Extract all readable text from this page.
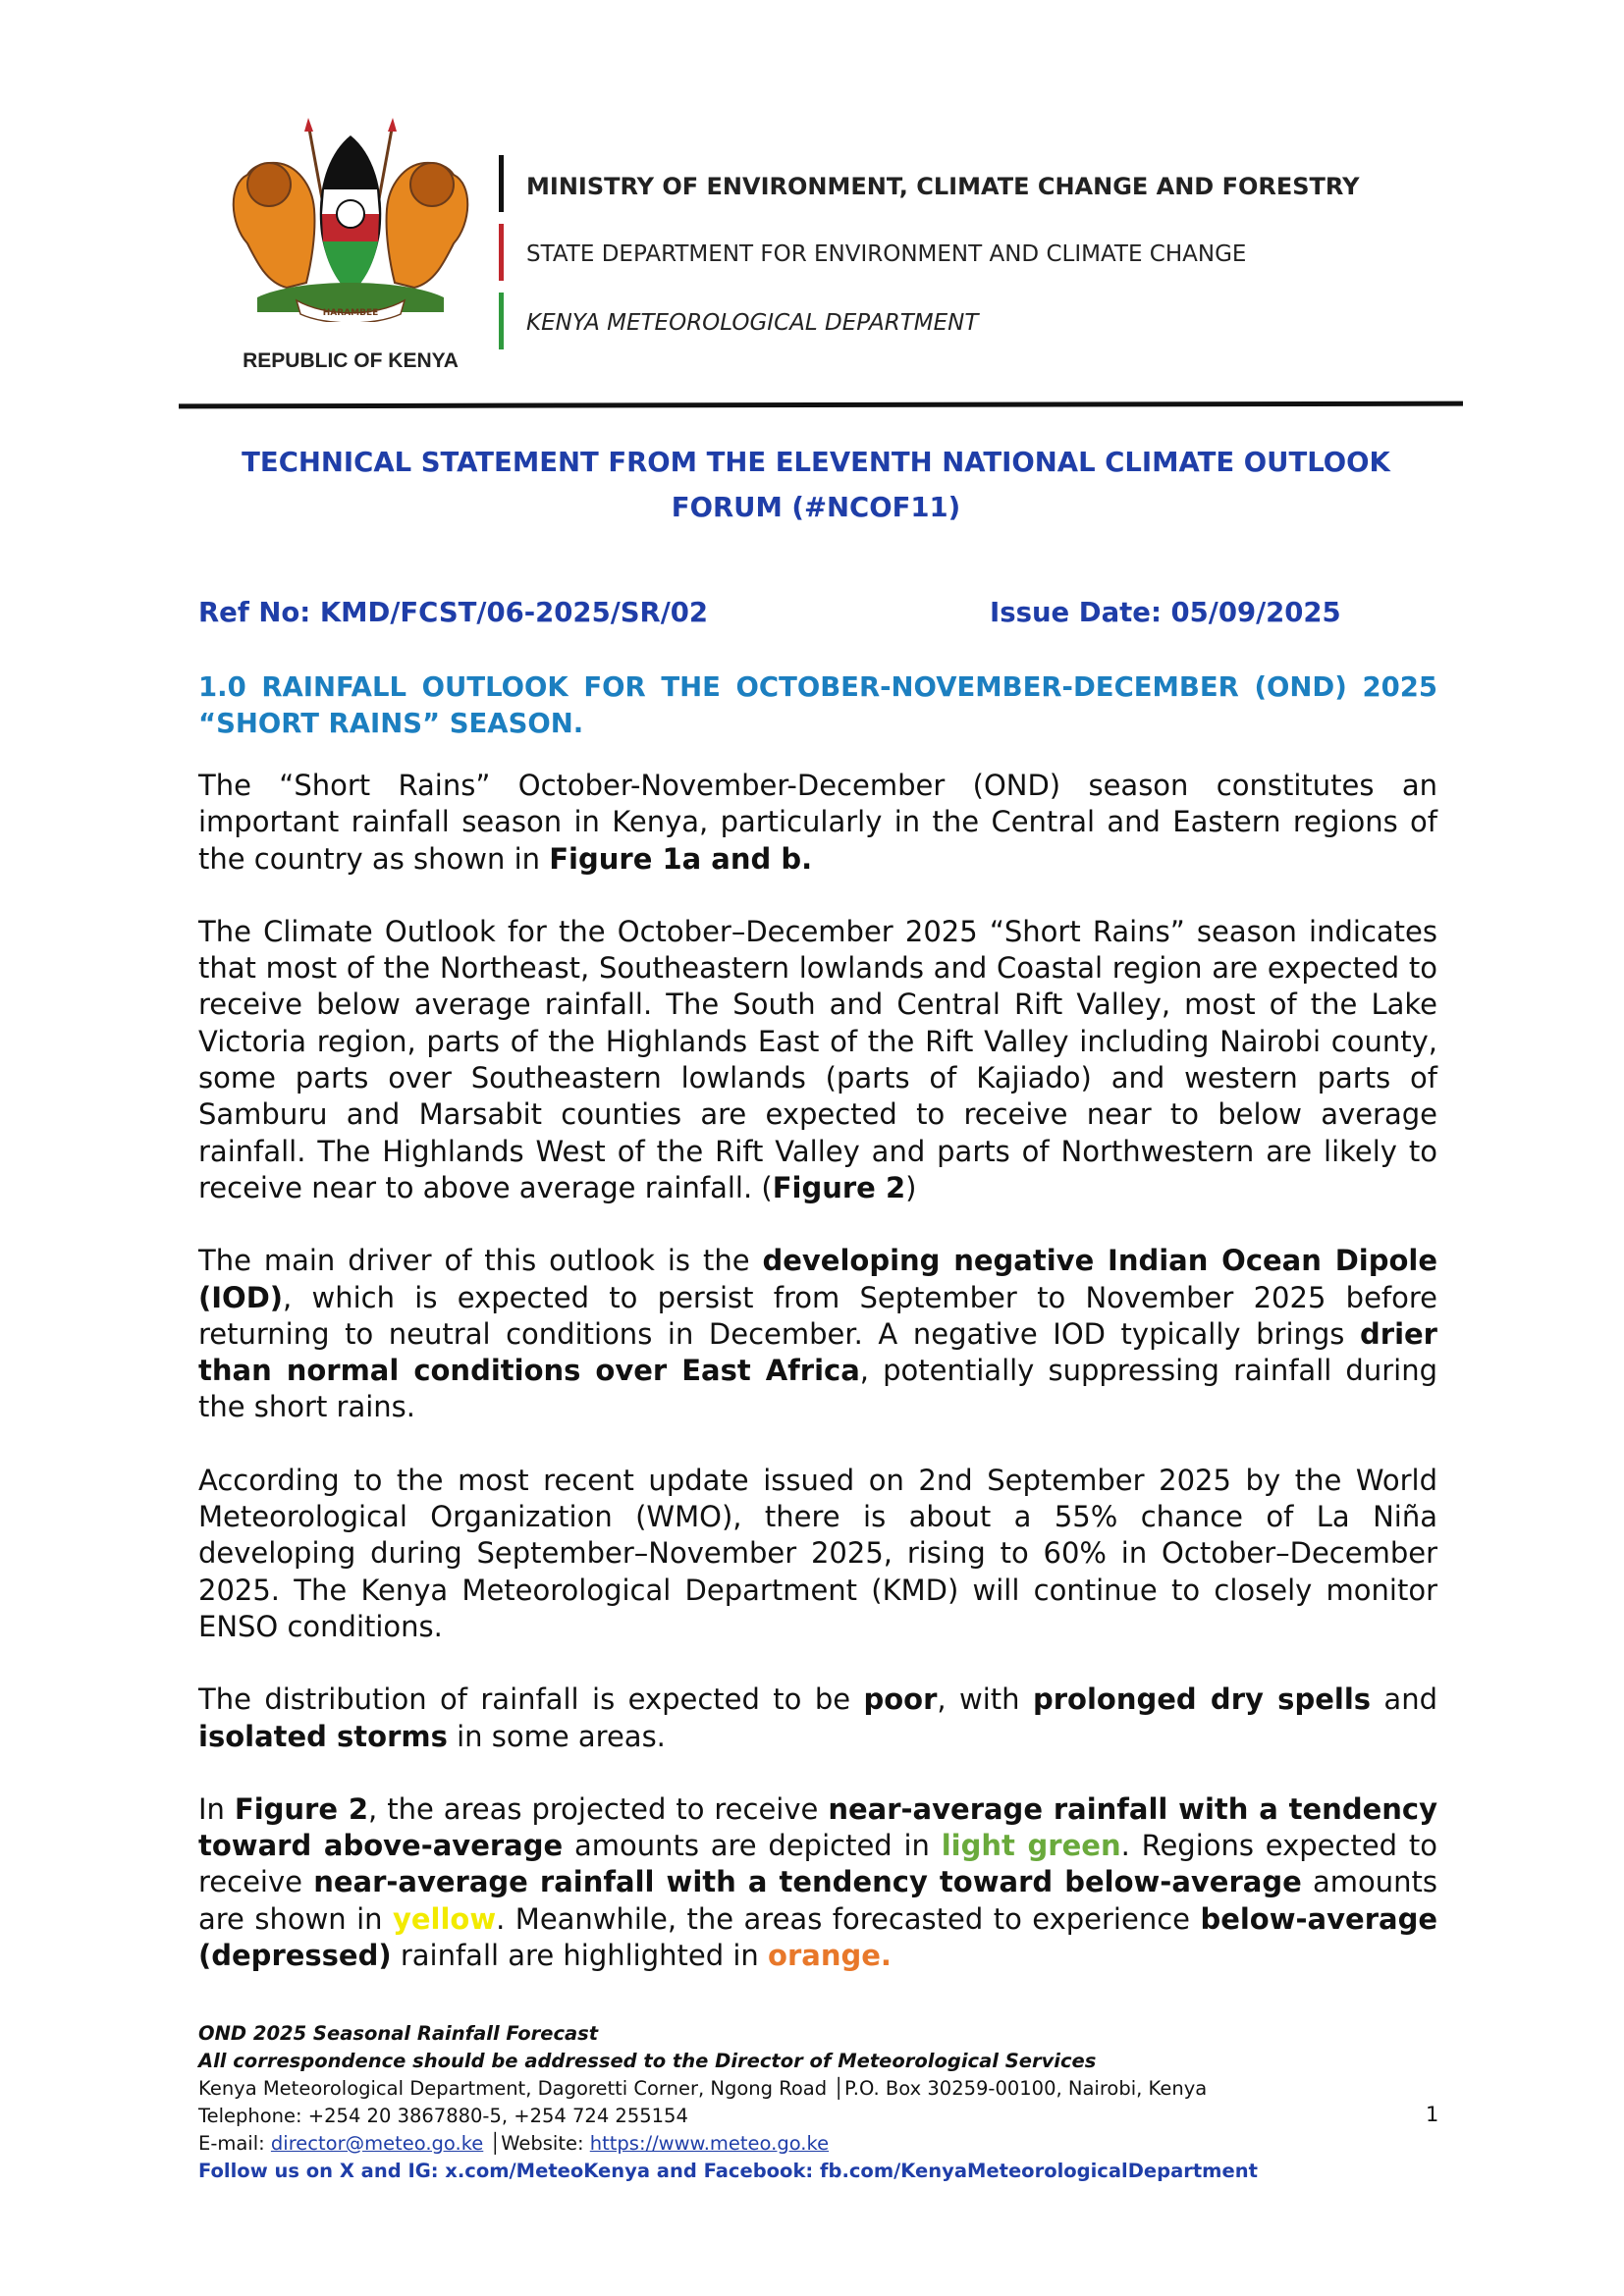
HARAMBEE
REPUBLIC OF KENYA
MINISTRY OF ENVIRONMENT, CLIMATE CHANGE AND FORESTRY
STATE DEPARTMENT FOR ENVIRONMENT AND CLIMATE CHANGE
KENYA METEOROLOGICAL DEPARTMENT
TECHNICAL STATEMENT FROM THE ELEVENTH NATIONAL CLIMATE OUTLOOK
FORUM (#NCOF11)
Ref No: KMD/FCST/06-2025/SR/02	Issue Date: 05/09/2025
1.0 RAINFALL OUTLOOK FOR THE OCTOBER-NOVEMBER-DECEMBER (OND) 2025 “SHORT RAINS” SEASON.

The “Short Rains” October-November-December (OND) season constitutes an important rainfall season in Kenya, particularly in the Central and Eastern regions of the country as shown in Figure 1a and b.

The Climate Outlook for the October–December 2025 “Short Rains” season indicates that most of the Northeast, Southeastern lowlands and Coastal region are expected to receive below average rainfall. The South and Central Rift Valley, most of the Lake Victoria region, parts of the Highlands East of the Rift Valley including Nairobi county, some parts over Southeastern lowlands (parts of Kajiado) and western parts of Samburu and Marsabit counties are expected to receive near to below average rainfall. The Highlands West of the Rift Valley and parts of Northwestern are likely to receive near to above average rainfall. (Figure 2)

The main driver of this outlook is the developing negative Indian Ocean Dipole (IOD), which is expected to persist from September to November 2025 before returning to neutral conditions in December. A negative IOD typically brings drier than normal conditions over East Africa, potentially suppressing rainfall during the short rains.

According to the most recent update issued on 2nd September 2025 by the World Meteorological Organization (WMO), there is about a 55% chance of La Niña developing during September–November 2025, rising to 60% in October–December 2025. The Kenya Meteorological Department (KMD) will continue to closely monitor ENSO conditions.

The distribution of rainfall is expected to be poor, with prolonged dry spells and isolated storms in some areas.

In Figure 2, the areas projected to receive near-average rainfall with a tendency toward above-average amounts are depicted in light green. Regions expected to receive near-average rainfall with a tendency toward below-average amounts are shown in yellow. Meanwhile, the areas forecasted to experience below-average (depressed) rainfall are highlighted in orange.

OND 2025 Seasonal Rainfall Forecast
All correspondence should be addressed to the Director of Meteorological Services
Kenya Meteorological Department, Dagoretti Corner, Ngong Road │P.O. Box 30259-00100, Nairobi, Kenya
Telephone: +254 20 3867880-5, +254 724 255154
E-mail: director@meteo.go.ke │Website: https://www.meteo.go.ke
Follow us on X and IG: x.com/MeteoKenya and Facebook: fb.com/KenyaMeteorologicalDepartment
1
